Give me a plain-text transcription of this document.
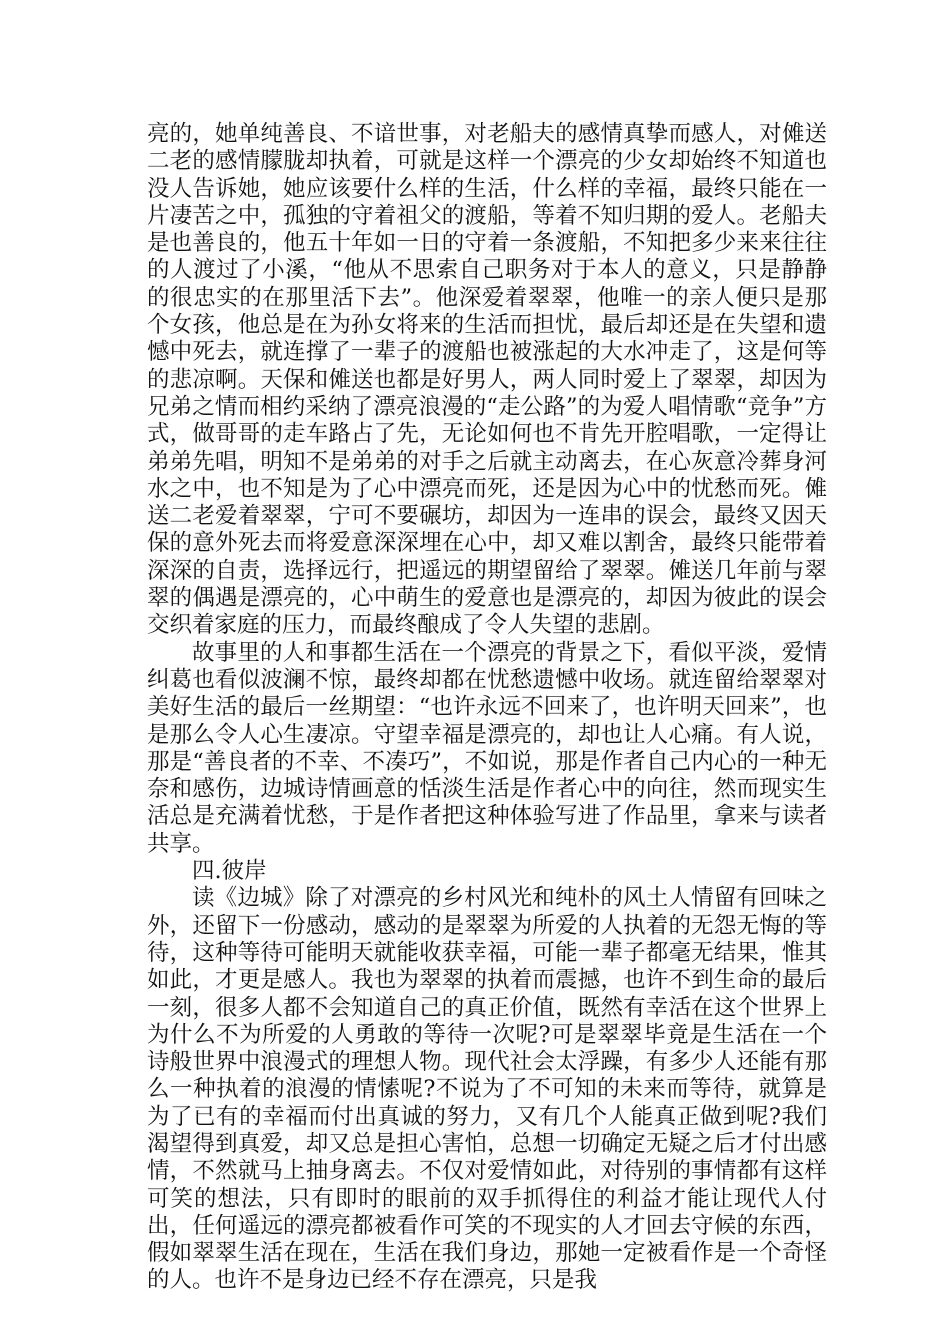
亮的，她单纯善良、不谙世事，对老船夫的感情真挚而感人，对傩送二老的感情朦胧却执着，可就是这样一个漂亮的少女却始终不知道也没人告诉她，她应该要什么样的生活，什么样的幸福，最终只能在一片凄苦之中，孤独的守着祖父的渡船，等着不知归期的爱人。老船夫是也善良的，他五十年如一日的守着一条渡船，不知把多少来来往往的人渡过了小溪，“他从不思索自己职务对于本人的意义，只是静静的很忠实的在那里活下去”。他深爱着翠翠，他唯一的亲人便只是那个女孩，他总是在为孙女将来的生活而担忧，最后却还是在失望和遗憾中死去，就连撑了一辈子的渡船也被涨起的大水冲走了，这是何等的悲凉啊。天保和傩送也都是好男人，两人同时爱上了翠翠，却因为兄弟之情而相约采纳了漂亮浪漫的“走公路”的为爱人唱情歌“竞争”方式，做哥哥的走车路占了先，无论如何也不肯先开腔唱歌，一定得让弟弟先唱，明知不是弟弟的对手之后就主动离去，在心灰意冷葬身河水之中，也不知是为了心中漂亮而死，还是因为心中的忧愁而死。傩送二老爱着翠翠，宁可不要碾坊，却因为一连串的误会，最终又因天保的意外死去而将爱意深深埋在心中，却又难以割舍，最终只能带着深深的自责，选择远行，把遥远的期望留给了翠翠。傩送几年前与翠翠的偶遇是漂亮的，心中萌生的爱意也是漂亮的，却因为彼此的误会交织着家庭的压力，而最终酿成了令人失望的悲剧。

故事里的人和事都生活在一个漂亮的背景之下，看似平淡，爱情纠葛也看似波澜不惊，最终却都在忧愁遗憾中收场。就连留给翠翠对美好生活的最后一丝期望：“也许永远不回来了，也许明天回来”，也是那么令人心生凄凉。守望幸福是漂亮的，却也让人心痛。有人说，那是“善良者的不幸、不凑巧”，不如说，那是作者自己内心的一种无奈和感伤，边城诗情画意的恬淡生活是作者心中的向往，然而现实生活总是充满着忧愁，于是作者把这种体验写进了作品里，拿来与读者共享。

四.彼岸

读《边城》除了对漂亮的乡村风光和纯朴的风土人情留有回味之外，还留下一份感动，感动的是翠翠为所爱的人执着的无怨无悔的等待，这种等待可能明天就能收获幸福，可能一辈子都毫无结果，惟其如此，才更是感人。我也为翠翠的执着而震撼，也许不到生命的最后一刻，很多人都不会知道自己的真正价值，既然有幸活在这个世界上为什么不为所爱的人勇敢的等待一次呢?可是翠翠毕竟是生活在一个诗般世界中浪漫式的理想人物。现代社会太浮躁，有多少人还能有那么一种执着的浪漫的情愫呢?不说为了不可知的未来而等待，就算是为了已有的幸福而付出真诚的努力，又有几个人能真正做到呢?我们渴望得到真爱，却又总是担心害怕，总想一切确定无疑之后才付出感情，不然就马上抽身离去。不仅对爱情如此，对待别的事情都有这样可笑的想法，只有即时的眼前的双手抓得住的利益才能让现代人付出，任何遥远的漂亮都被看作可笑的不现实的人才回去守候的东西，假如翠翠生活在现在，生活在我们身边，那她一定被看作是一个奇怪的人。也许不是身边已经不存在漂亮，只是我
